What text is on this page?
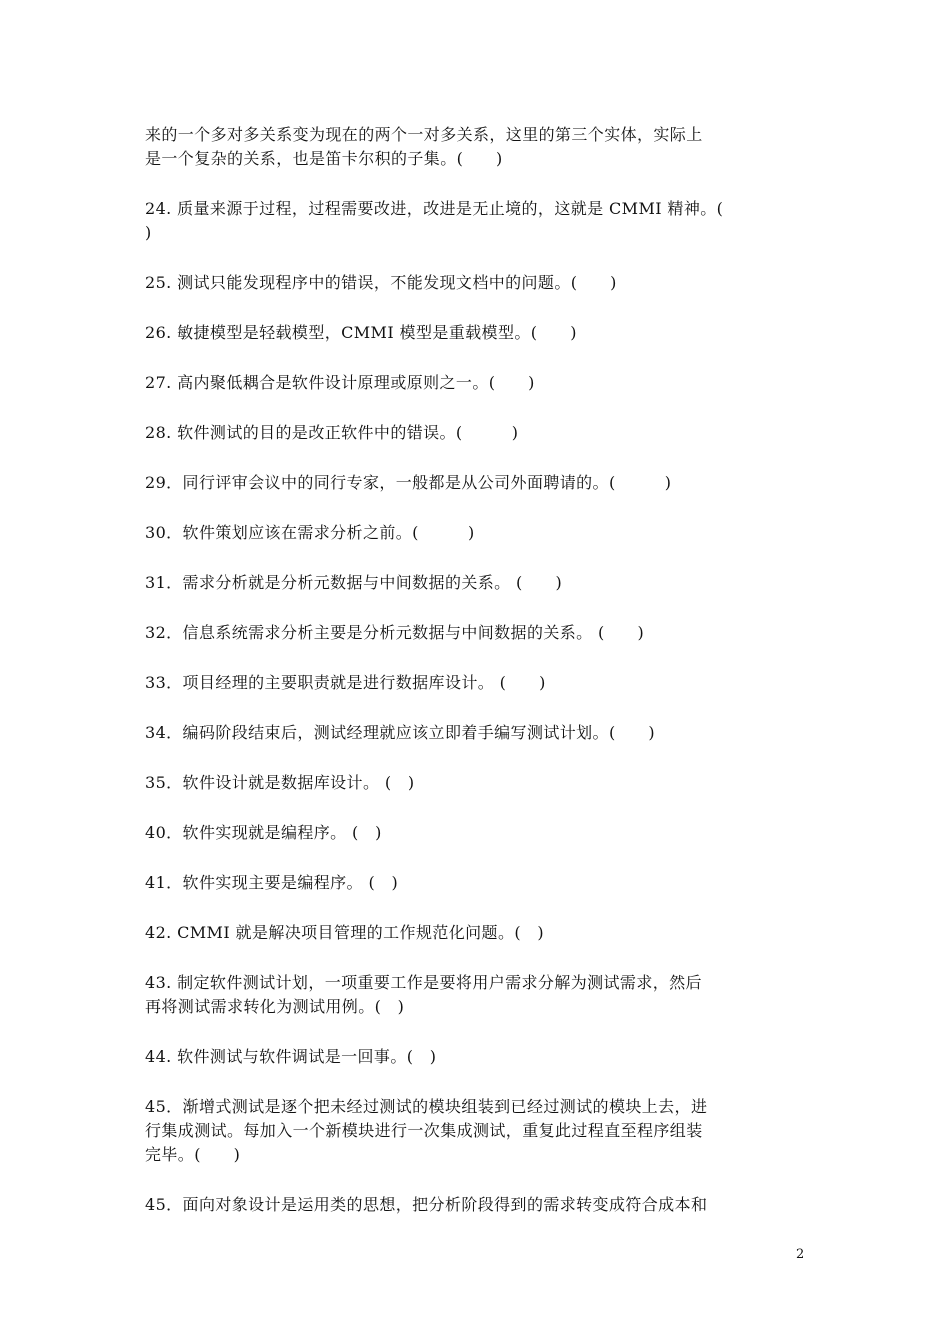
来的一个多对多关系变为现在的两个一对多关系，这里的第三个实体，实际上
是一个复杂的关系，也是笛卡尔积的子集。(　　)

24. 质量来源于过程，过程需要改进，改进是无止境的，这就是 CMMI 精神。(
)

25. 测试只能发现程序中的错误，不能发现文档中的问题。(　　)

26. 敏捷模型是轻载模型，CMMI 模型是重载模型。(　　)

27. 高内聚低耦合是软件设计原理或原则之一。(　　)

28. 软件测试的目的是改正软件中的错误。(　　　)

29．同行评审会议中的同行专家，一般都是从公司外面聘请的。(　　　)

30．软件策划应该在需求分析之前。(　　　)

31．需求分析就是分析元数据与中间数据的关系。 (　　)

32．信息系统需求分析主要是分析元数据与中间数据的关系。 (　　)

33．项目经理的主要职责就是进行数据库设计。 (　　)

34．编码阶段结束后，测试经理就应该立即着手编写测试计划。(　　)

35．软件设计就是数据库设计。 (　)

40．软件实现就是编程序。 (　)

41．软件实现主要是编程序。 (　)

42. CMMI 就是解决项目管理的工作规范化问题。(　)

43. 制定软件测试计划，一项重要工作是要将用户需求分解为测试需求，然后
再将测试需求转化为测试用例。(　)

44. 软件测试与软件调试是一回事。(　)

45．渐增式测试是逐个把未经过测试的模块组装到已经过测试的模块上去，进
行集成测试。每加入一个新模块进行一次集成测试，重复此过程直至程序组装
完毕。(　　)

45．面向对象设计是运用类的思想，把分析阶段得到的需求转变成符合成本和

2
